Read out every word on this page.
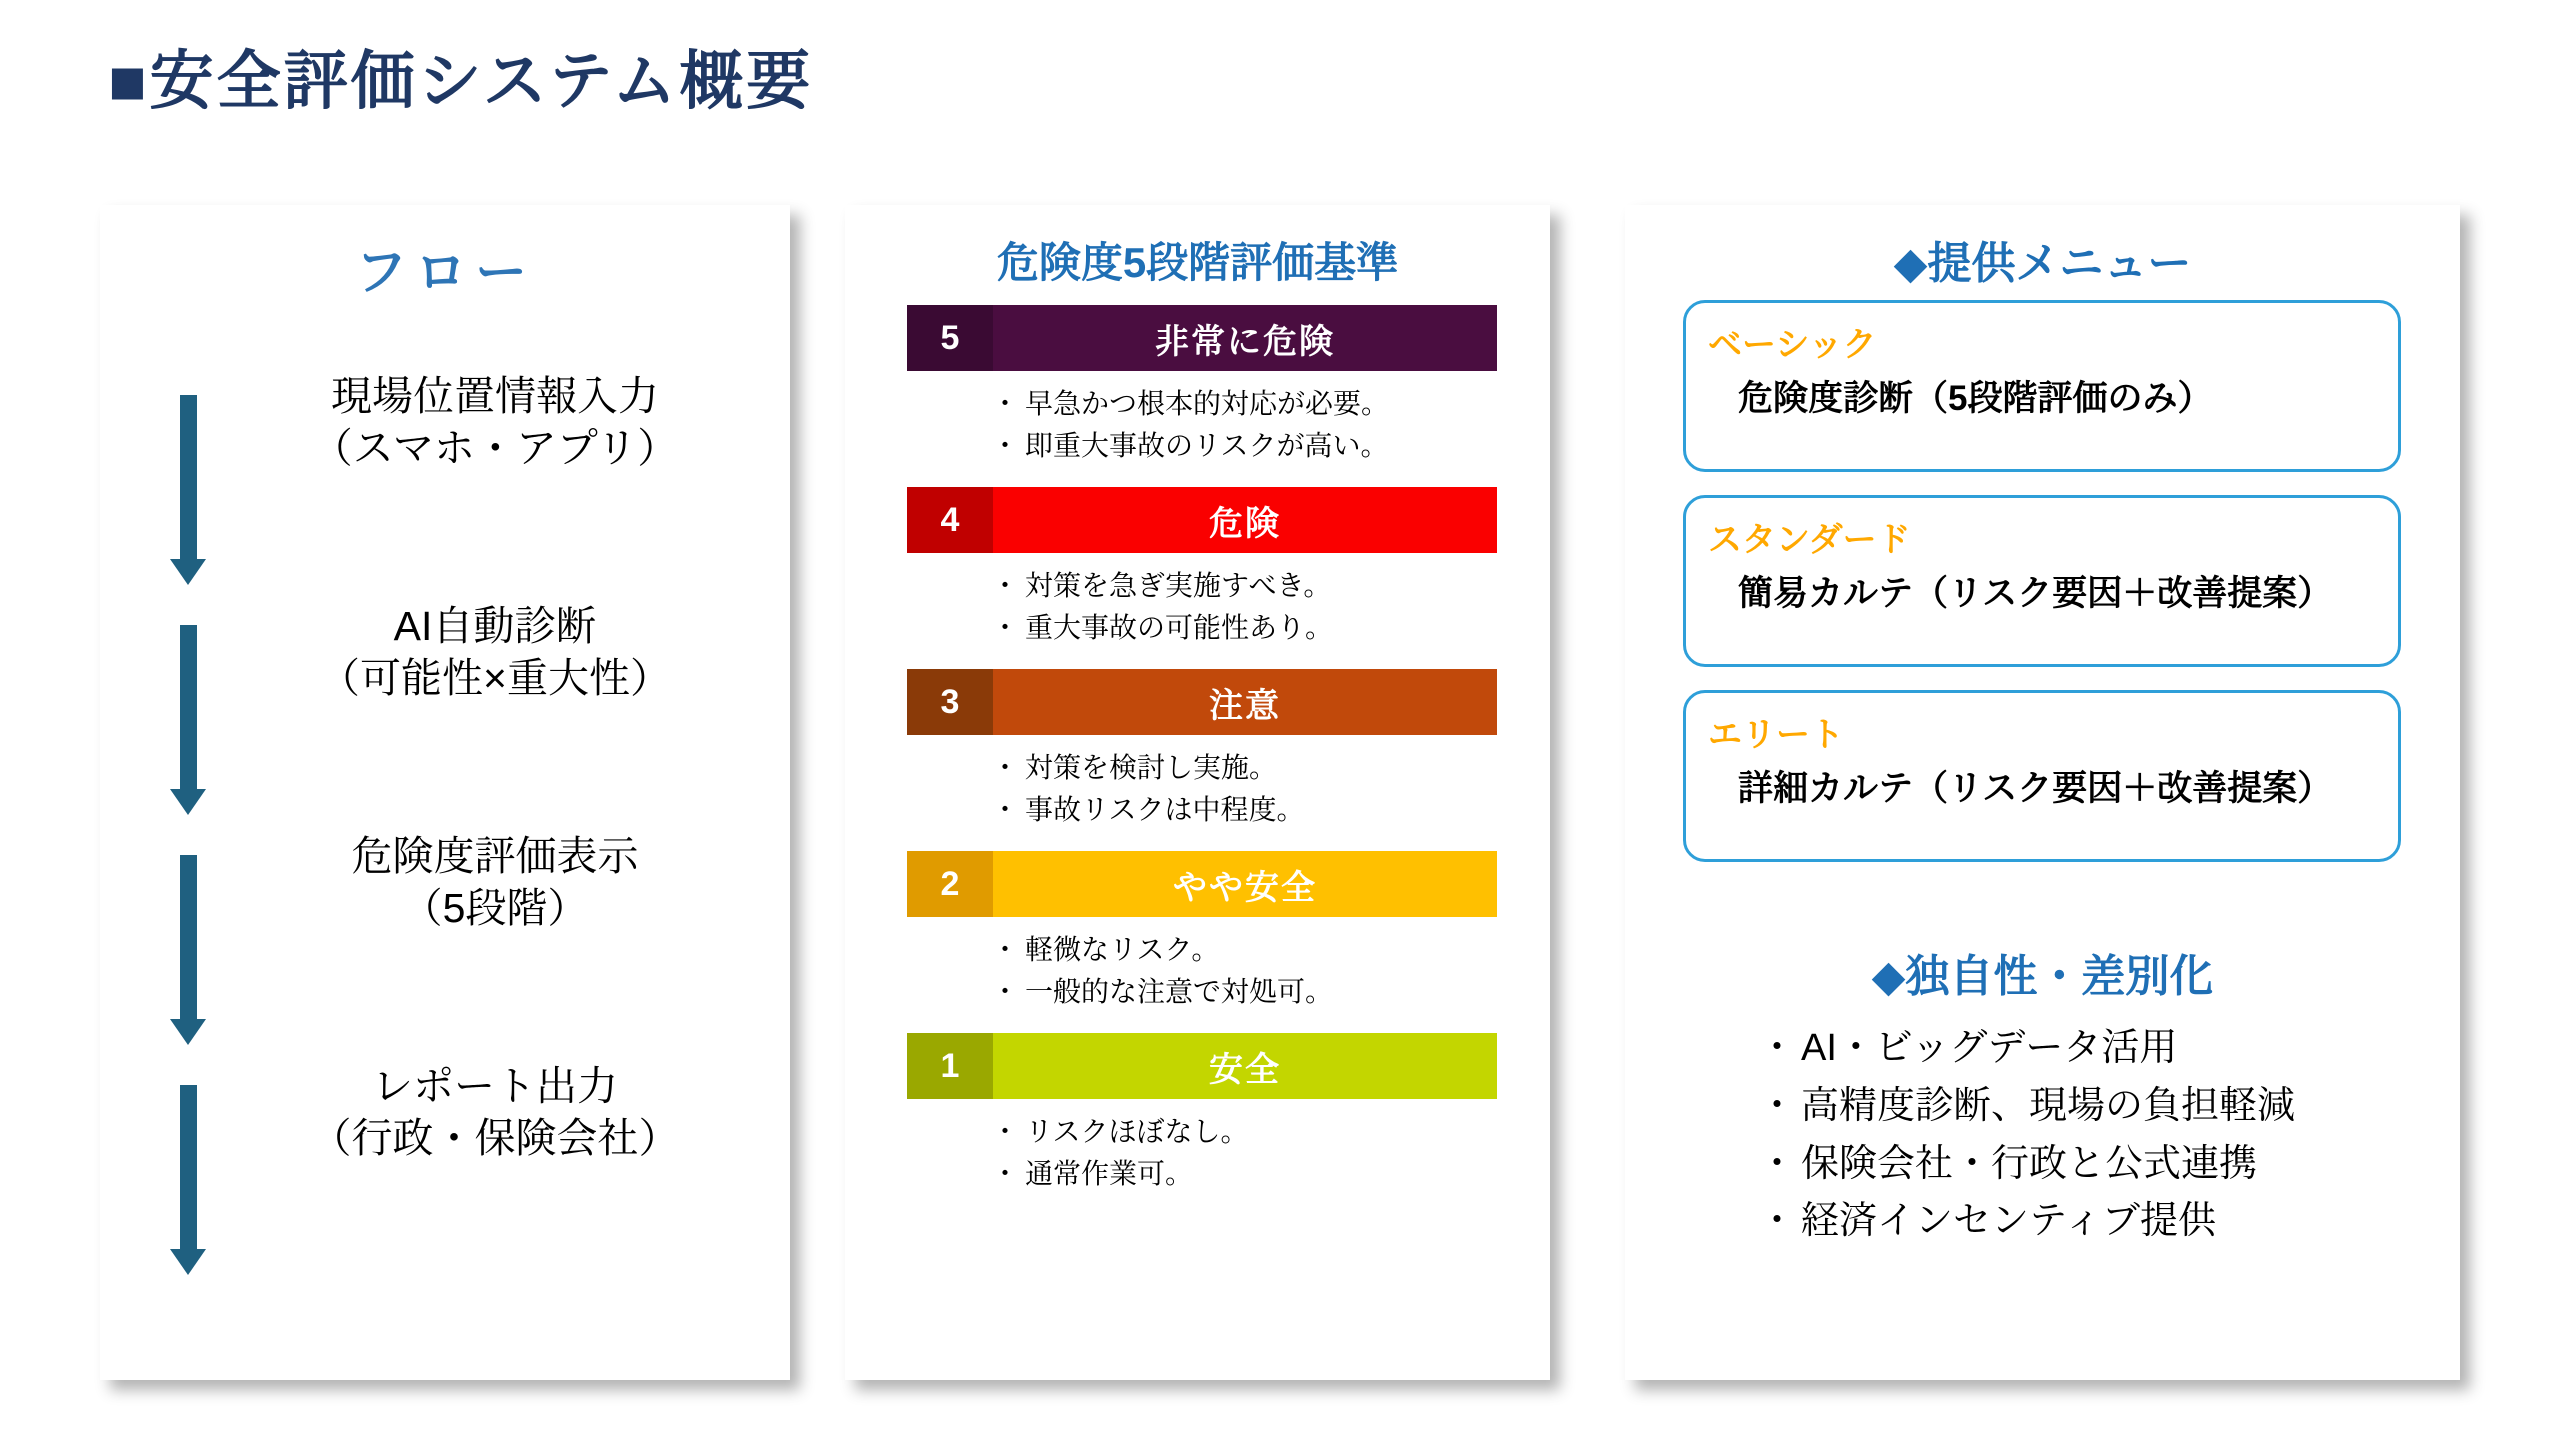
■安全評価システム概要
フロー
現場位置情報入力
（スマホ・アプリ）
AI自動診断
（可能性×重大性）
危険度評価表示
（5段階）
レポート出力
（行政・保険会社）
危険度5段階評価基準
5	非常に危険
・ 早急かつ根本的対応が必要。
・ 即重大事故のリスクが高い。
4	危険
・ 対策を急ぎ実施すべき。
・ 重大事故の可能性あり。
3	注意
・ 対策を検討し実施。
・ 事故リスクは中程度。
2	やや安全
・ 軽微なリスク。
・ 一般的な注意で対処可。
1	安全
・ リスクほぼなし。
・ 通常作業可。
◆提供メニュー
ベーシック
危険度診断（5段階評価のみ）
スタンダード
簡易カルテ（リスク要因＋改善提案）
エリート
詳細カルテ（リスク要因＋改善提案）
◆独自性・差別化
・ AI・ビッグデータ活用
・ 高精度診断、現場の負担軽減
・ 保険会社・行政と公式連携
・ 経済インセンティブ提供
